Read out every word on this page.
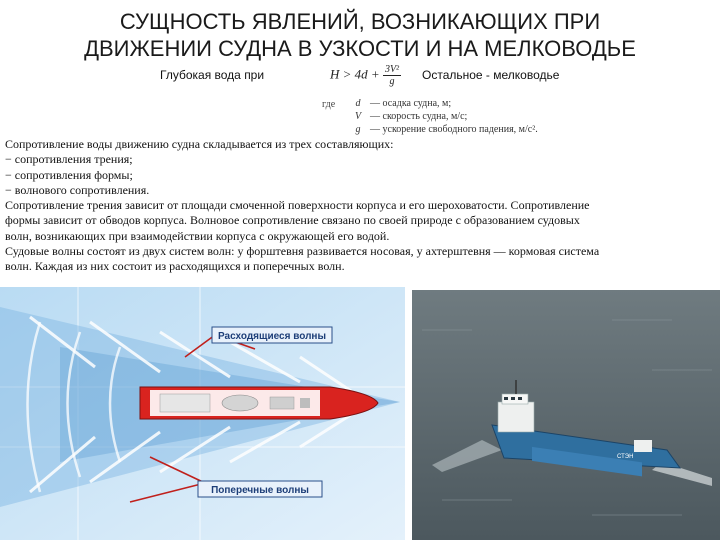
СУЩНОСТЬ ЯВЛЕНИЙ, ВОЗНИКАЮЩИХ ПРИ
ДВИЖЕНИИ СУДНА В УЗКОСТИ И НА МЕЛКОВОДЬЕ
Глубокая вода при	Остальное - мелководье
$H > 4d + \frac{\text{3V²}}{g}$
где	d — осадка судна, м;
V — скорость судна, м/с;
g — ускорение свободного падения, м/с².
Сопротивление воды движению судна складывается из трех составляющих:
− сопротивления трения;
− сопротивления формы;
− волнового сопротивления.
Сопротивление трения зависит от площади смоченной поверхности корпуса и его шероховатости. Сопротивление
формы зависит от обводов корпуса. Волновое сопротивление связано по своей природе с образованием судовых
волн, возникающих при взаимодействии корпуса с окружающей его водой.
Судовые волны состоят из двух систем волн: у форштевня развивается носовая, у ахтерштевня — кормовая система
волн. Каждая из них состоит из расходящихся и поперечных волн.
Расходящиеся волны
Поперечные волны
СТЭН
